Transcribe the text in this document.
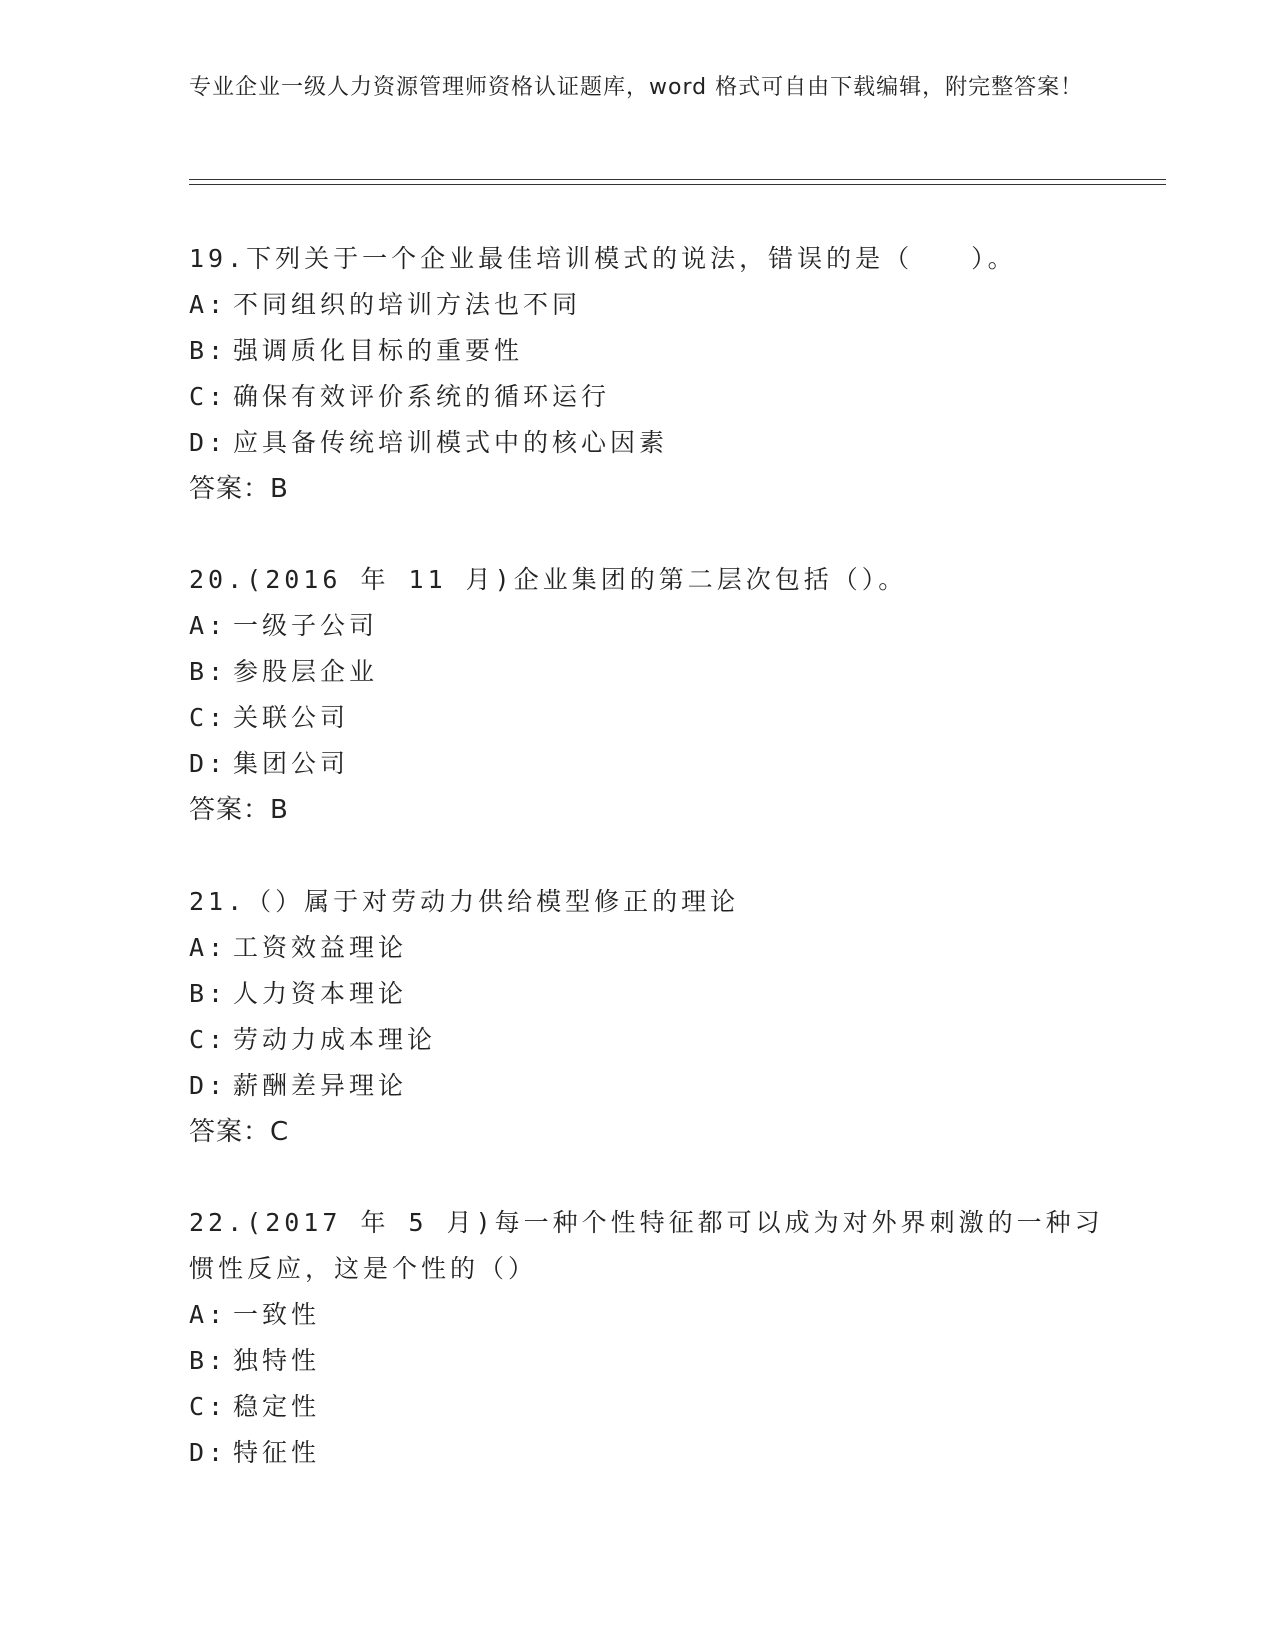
专业企业一级人力资源管理师资格认证题库，word 格式可自由下载编辑，附完整答案！
19.下列关于一个企业最佳培训模式的说法，错误的是（　　）。
A: 不同组织的培训方法也不同
B: 强调质化目标的重要性
C: 确保有效评价系统的循环运行
D: 应具备传统培训模式中的核心因素
答案：B
20.(2016 年 11 月)企业集团的第二层次包括（）。
A: 一级子公司
B: 参股层企业
C: 关联公司
D: 集团公司
答案：B
21.（）属于对劳动力供给模型修正的理论
A: 工资效益理论
B: 人力资本理论
C: 劳动力成本理论
D: 薪酬差异理论
答案：C
22.(2017 年 5 月)每一种个性特征都可以成为对外界刺激的一种习惯性反应，这是个性的（）
A: 一致性
B: 独特性
C: 稳定性
D: 特征性
